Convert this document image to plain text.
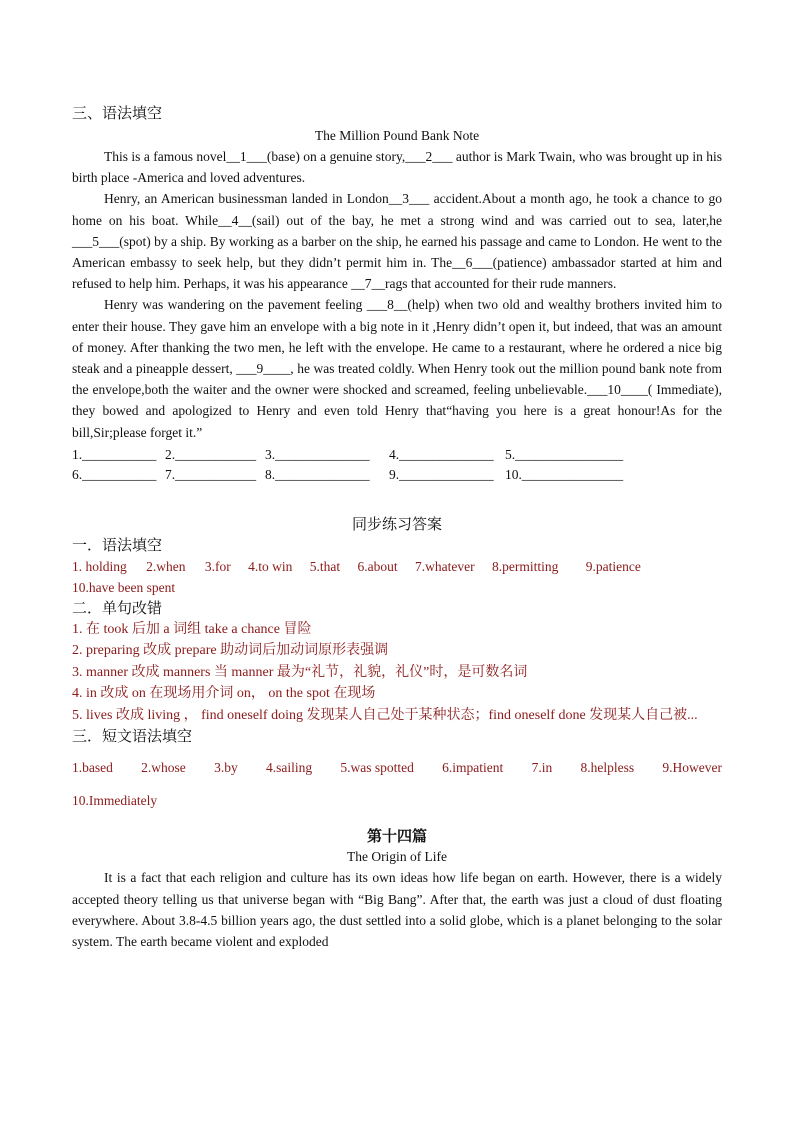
三、语法填空
The Million Pound Bank Note
This is a famous novel__1___(base) on a genuine story,___2___ author is Mark Twain, who was brought up in his birth place -America and loved adventures.
Henry, an American businessman landed in London__3___ accident.About a month ago, he took a chance to go home on his boat. While__4__(sail) out of the bay, he met a strong wind and was carried out to sea, later,he ___5___(spot) by a ship. By working as a barber on the ship, he earned his passage and came to London. He went to the American embassy to seek help, but they didn’t permit him in. The__6___(patience) ambassador started at him and refused to help him. Perhaps, it was his appearance __7__rags that accounted for their rude manners.
Henry was wandering on the pavement feeling ___8__(help) when two old and wealthy brothers invited him to enter their house. They gave him an envelope with a big note in it ,Henry didn’t open it, but indeed, that was an amount of money. After thanking the two men, he left with the envelope. He came to a restaurant, where he ordered a nice big steak and a pineapple dessert, ___9____, he was treated coldly. When Henry took out the million pound bank note from the envelope,both the waiter and the owner were shocked and screamed, feeling unbelievable.___10____( Immediate), they bowed and apologized to Henry and even told Henry that“having you here is a great honour!As for the bill,Sir;please forget it.”
1.___________ 2.____________ 3.______________	4.______________ 5.________________
6.___________ 7.____________ 8.______________	9.______________ 10._______________
同步练习答案
一．语法填空
1. holding 2.when 3.for 4.to win 5.that 6.about 7.whatever 8.permitting 9.patience
10.have been spent
二．单句改错
1. 在 took 后加 a 词组 take a chance 冒险
2. preparing 改成 prepare 助动词后加动词原形表强调
3. manner 改成 manners 当 manner 最为“礼节，礼貌，礼仪”时，是可数名词
4. in 改成 on 在现场用介词 on， on the spot 在现场
5. lives 改成 living ， find oneself doing 发现某人自己处于某种状态；find oneself done 发现某人自己被...
三．短文语法填空
1.based 2.whose 3.by 4.sailing 5.was spotted 6.impatient 7.in 8.helpless 9.However
10.Immediately
第十四篇
The Origin of Life
It is a fact that each religion and culture has its own ideas how life began on earth. However, there is a widely accepted theory telling us that universe began with “Big Bang”. After that, the earth was just a cloud of dust floating everywhere. About 3.8-4.5 billion years ago, the dust settled into a solid globe, which is a planet belonging to the solar system. The earth became violent and exploded
